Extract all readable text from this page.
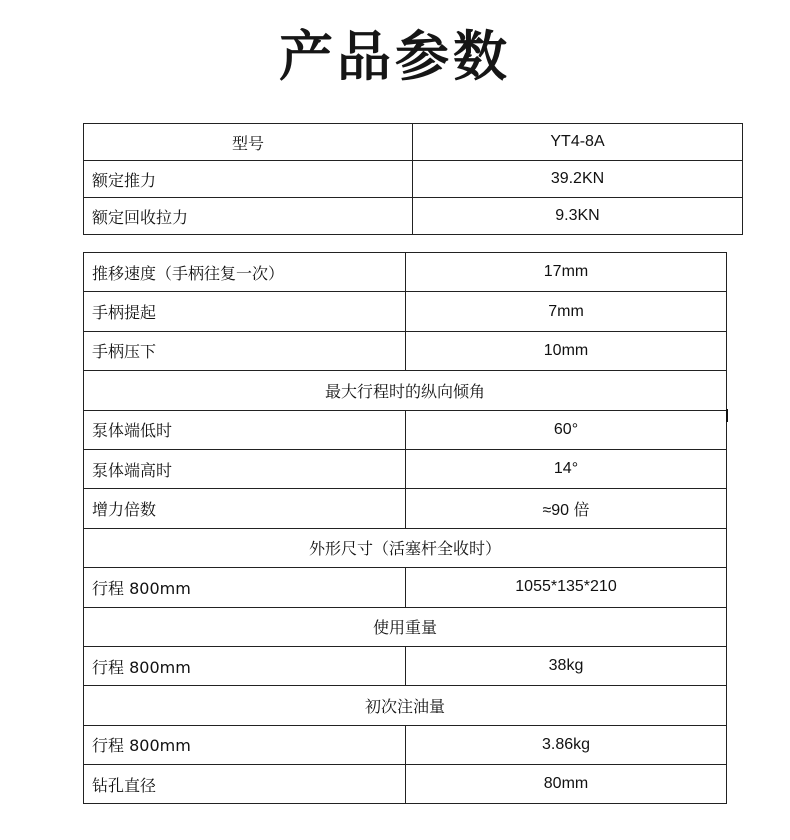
产品参数
型号	YT4-8A
额定推力	39.2KN
额定回收拉力	9.3KN
推移速度（手柄往复一次）	17mm
手柄提起	7mm
手柄压下	10mm
最大行程时的纵向倾角	
泵体端低时	60°
泵体端高时	14°
增力倍数	≈90 倍
外形尺寸（活塞杆全收时）	
行程 800mm	1055*135*210
使用重量	
行程 800mm	38kg
初次注油量	
行程 800mm	3.86kg
钻孔直径	80mm
